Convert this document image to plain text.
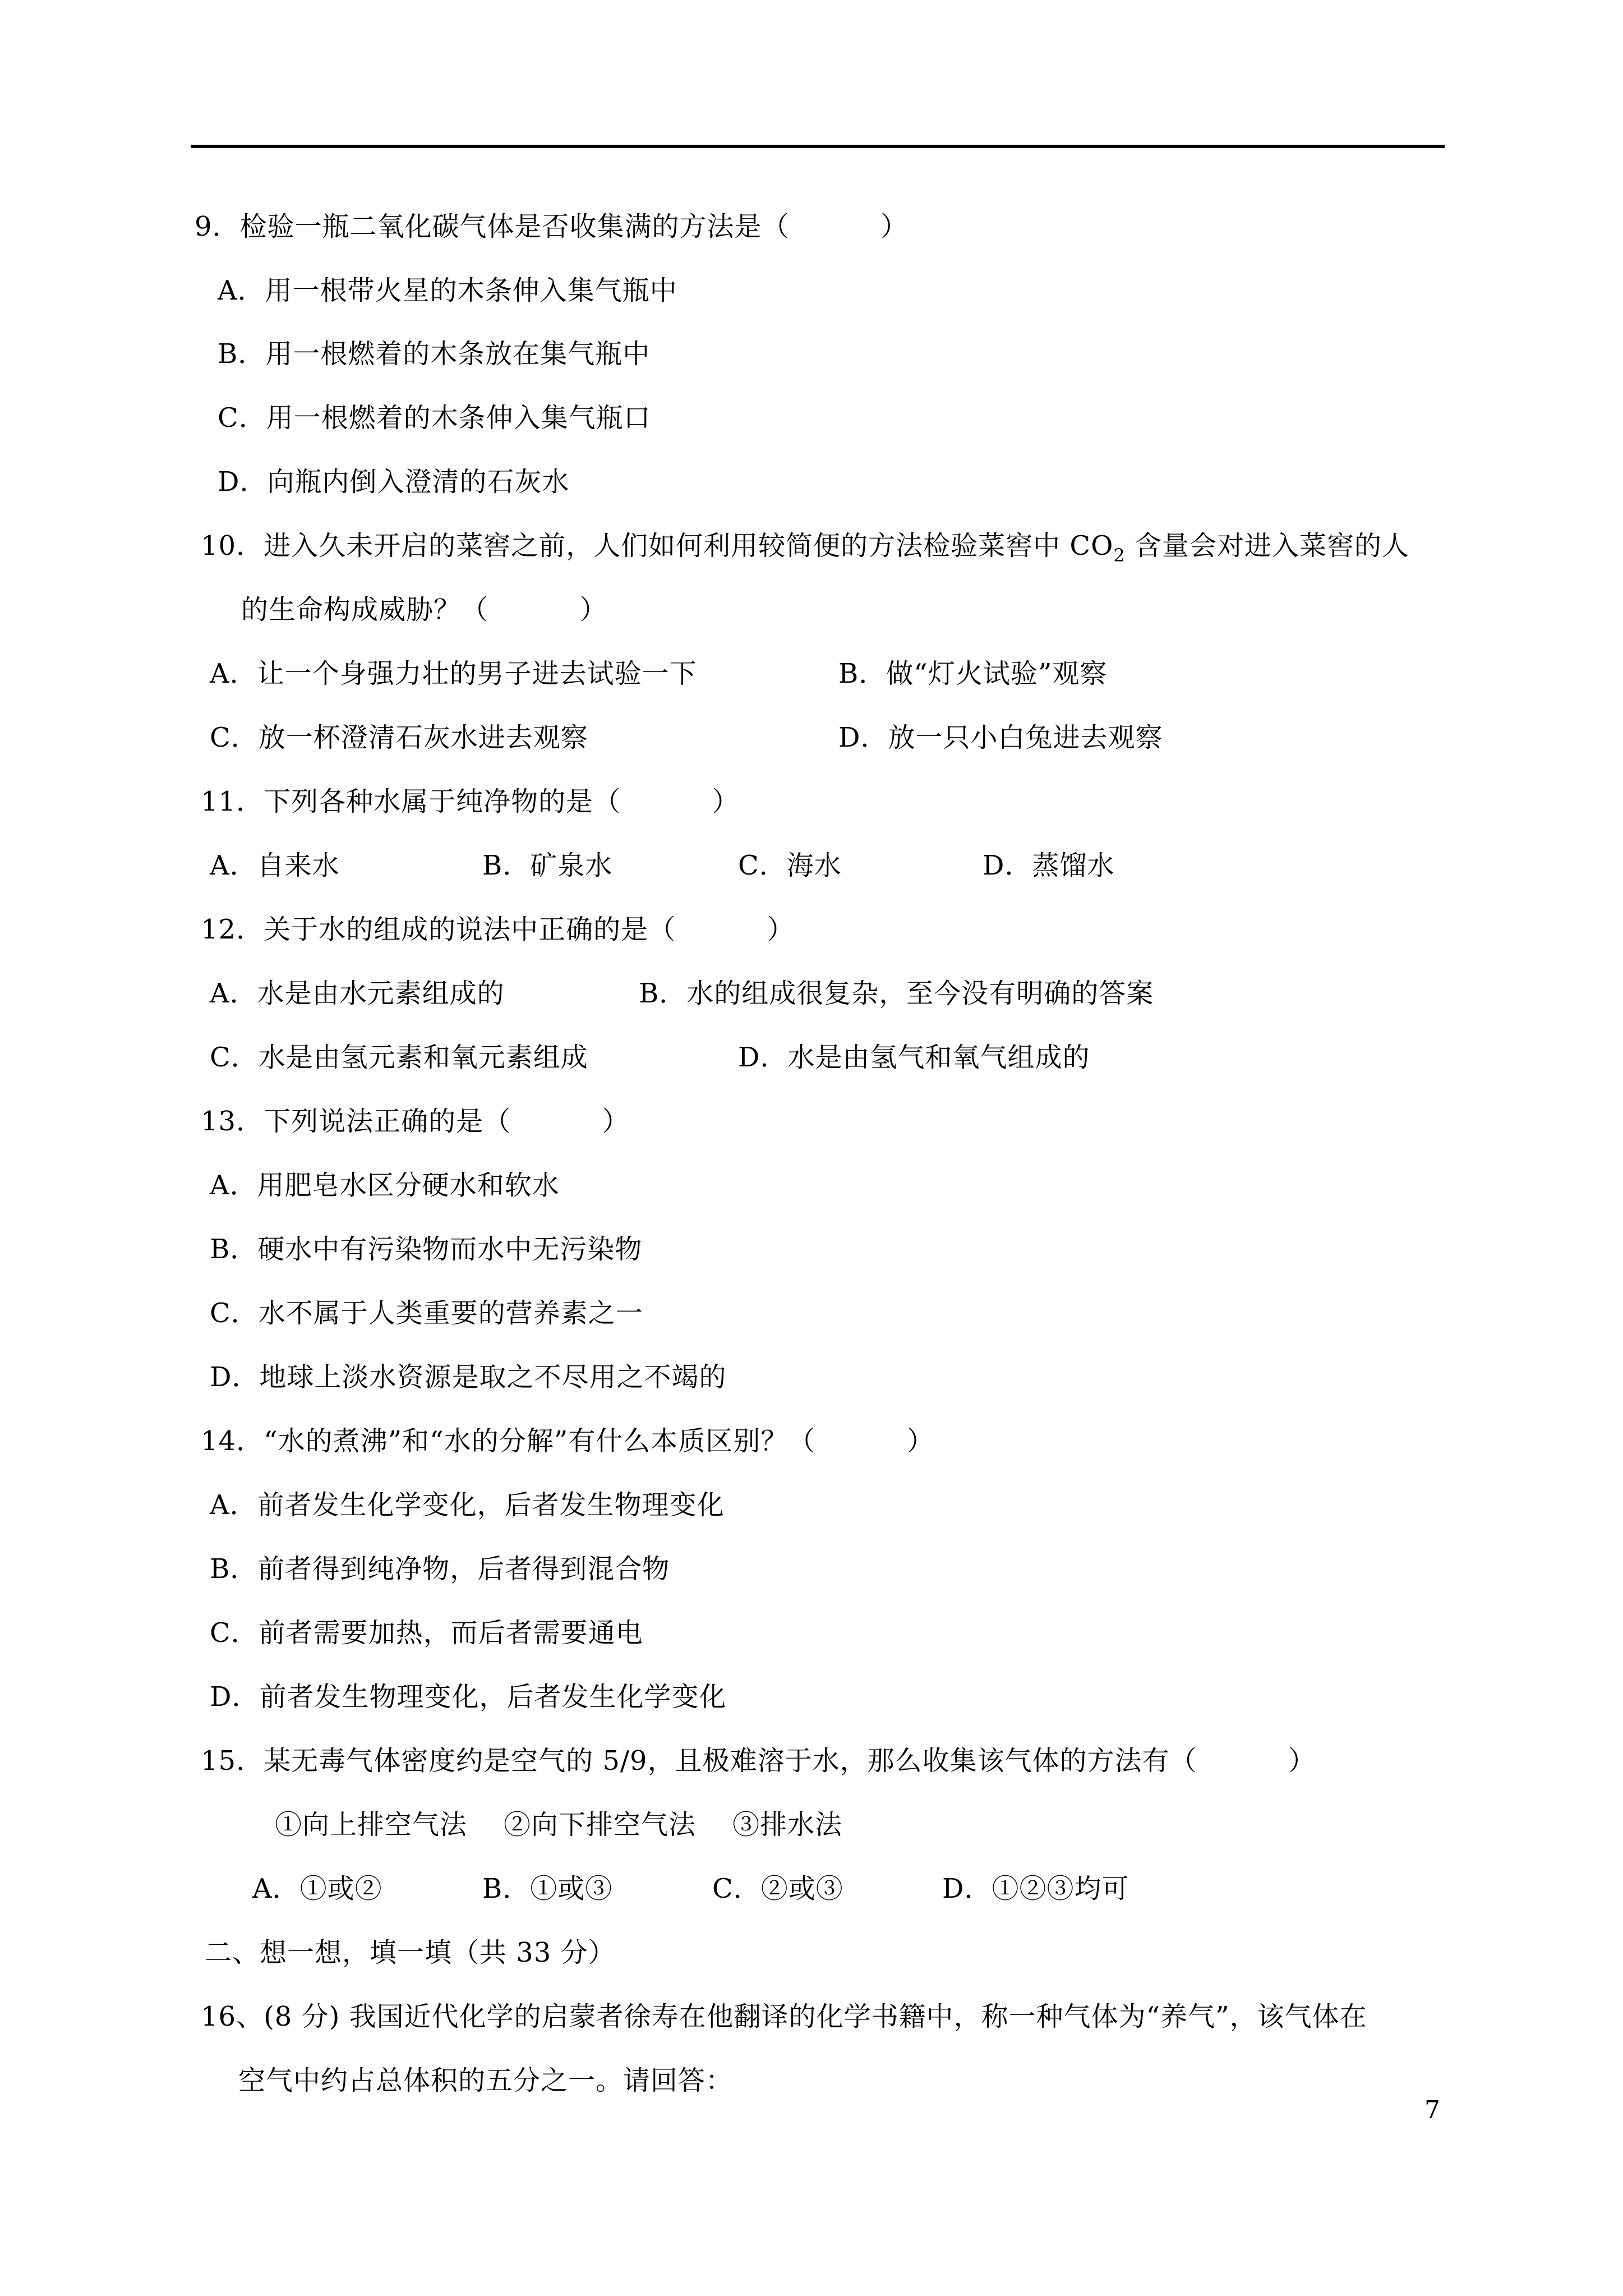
9．检验一瓶二氧化碳气体是否收集满的方法是（          ）
A．用一根带火星的木条伸入集气瓶中
B．用一根燃着的木条放在集气瓶中
C．用一根燃着的木条伸入集气瓶口
D．向瓶内倒入澄清的石灰水
10．进入久未开启的菜窖之前，人们如何利用较简便的方法检验菜窖中 $CO_2$ 含量会对进入菜窖的人
的生命构成威胁？（          ）
A．让一个身强力壮的男子进去试验一下	B．做“灯火试验”观察
C．放一杯澄清石灰水进去观察	D．放一只小白兔进去观察
11．下列各种水属于纯净物的是（          ）
A．自来水	B．矿泉水	C．海水	D．蒸馏水
12．关于水的组成的说法中正确的是（          ）
A．水是由水元素组成的	B．水的组成很复杂，至今没有明确的答案
C．水是由氢元素和氧元素组成	D．水是由氢气和氧气组成的
13．下列说法正确的是（          ）
A．用肥皂水区分硬水和软水
B．硬水中有污染物而水中无污染物
C．水不属于人类重要的营养素之一
D．地球上淡水资源是取之不尽用之不竭的
14．“水的煮沸”和“水的分解”有什么本质区别？（          ）
A．前者发生化学变化，后者发生物理变化
B．前者得到纯净物，后者得到混合物
C．前者需要加热，而后者需要通电
D．前者发生物理变化，后者发生化学变化
15．某无毒气体密度约是空气的 5/9，且极难溶于水，那么收集该气体的方法有（          ）
①向上排空气法    ②向下排空气法    ③排水法
A．①或②	B．①或③	C．②或③	D．①②③均可
二、想一想，填一填（共 33 分）
16、(8 分) 我国近代化学的启蒙者徐寿在他翻译的化学书籍中，称一种气体为“养气”，该气体在
空气中约占总体积的五分之一。请回答：
7
